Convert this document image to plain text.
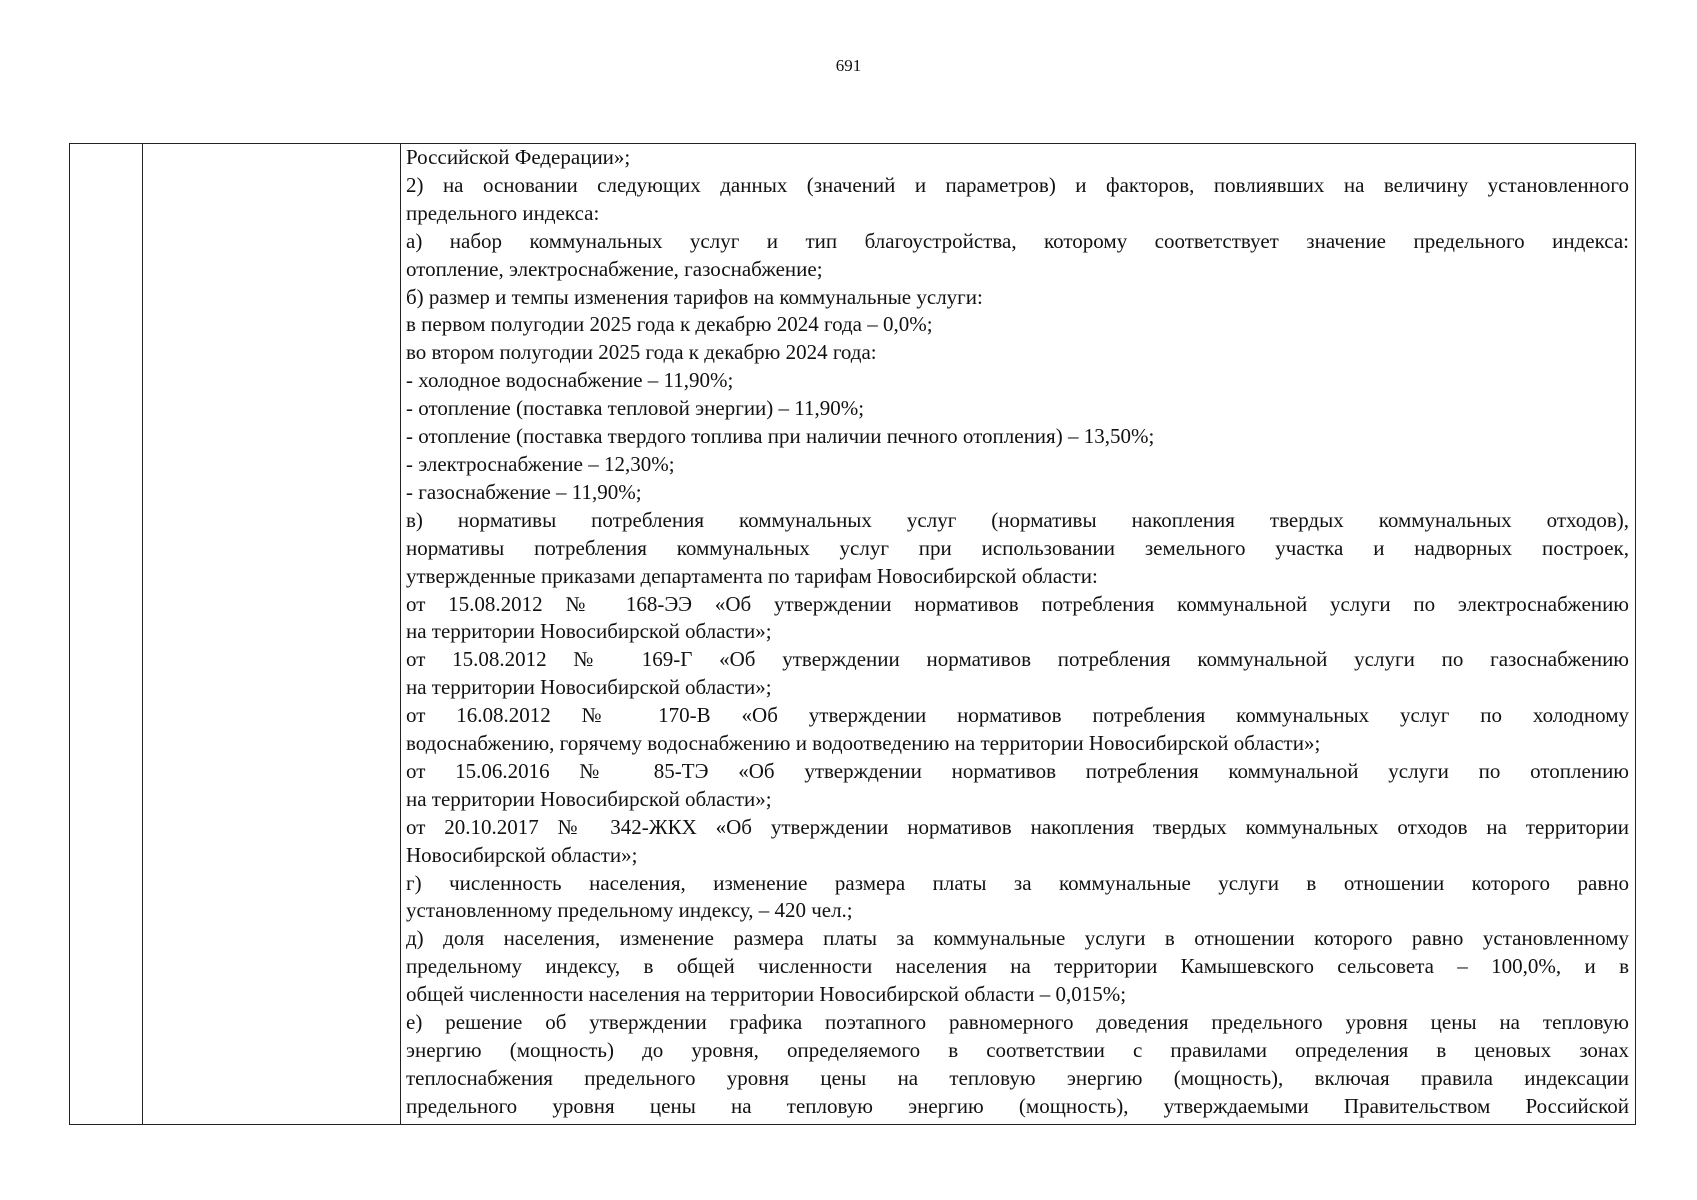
691
Российской Федерации»;
2) на основании следующих данных (значений и параметров) и факторов, повлиявших на величину установленного
предельного индекса:
а) набор коммунальных услуг и тип благоустройства, которому соответствует значение предельного индекса:
отопление, электроснабжение, газоснабжение;
б) размер и темпы изменения тарифов на коммунальные услуги:
в первом полугодии 2025 года к декабрю 2024 года – 0,0%;
во втором полугодии 2025 года к декабрю 2024 года:
- холодное водоснабжение – 11,90%;
- отопление (поставка тепловой энергии) – 11,90%;
- отопление (поставка твердого топлива при наличии печного отопления) – 13,50%;
- электроснабжение – 12,30%;
- газоснабжение – 11,90%;
в) нормативы потребления коммунальных услуг (нормативы накопления твердых коммунальных отходов),
нормативы потребления коммунальных услуг при использовании земельного участка и надворных построек,
утвержденные приказами департамента по тарифам Новосибирской области:
от 15.08.2012 № 168-ЭЭ «Об утверждении нормативов потребления коммунальной услуги по электроснабжению
на территории Новосибирской области»;
от 15.08.2012 № 169-Г «Об утверждении нормативов потребления коммунальной услуги по газоснабжению
на территории Новосибирской области»;
от 16.08.2012 № 170-В «Об утверждении нормативов потребления коммунальных услуг по холодному
водоснабжению, горячему водоснабжению и водоотведению на территории Новосибирской области»;
от 15.06.2016 № 85-ТЭ «Об утверждении нормативов потребления коммунальной услуги по отоплению
на территории Новосибирской области»;
от 20.10.2017 № 342-ЖКХ «Об утверждении нормативов накопления твердых коммунальных отходов на территории
Новосибирской области»;
г) численность населения, изменение размера платы за коммунальные услуги в отношении которого равно
установленному предельному индексу, – 420 чел.;
д) доля населения, изменение размера платы за коммунальные услуги в отношении которого равно установленному
предельному индексу, в общей численности населения на территории Камышевского сельсовета – 100,0%, и в
общей численности населения на территории Новосибирской области – 0,015%;
е) решение об утверждении графика поэтапного равномерного доведения предельного уровня цены на тепловую
энергию (мощность) до уровня, определяемого в соответствии с правилами определения в ценовых зонах
теплоснабжения предельного уровня цены на тепловую энергию (мощность), включая правила индексации
предельного уровня цены на тепловую энергию (мощность), утверждаемыми Правительством Российской
